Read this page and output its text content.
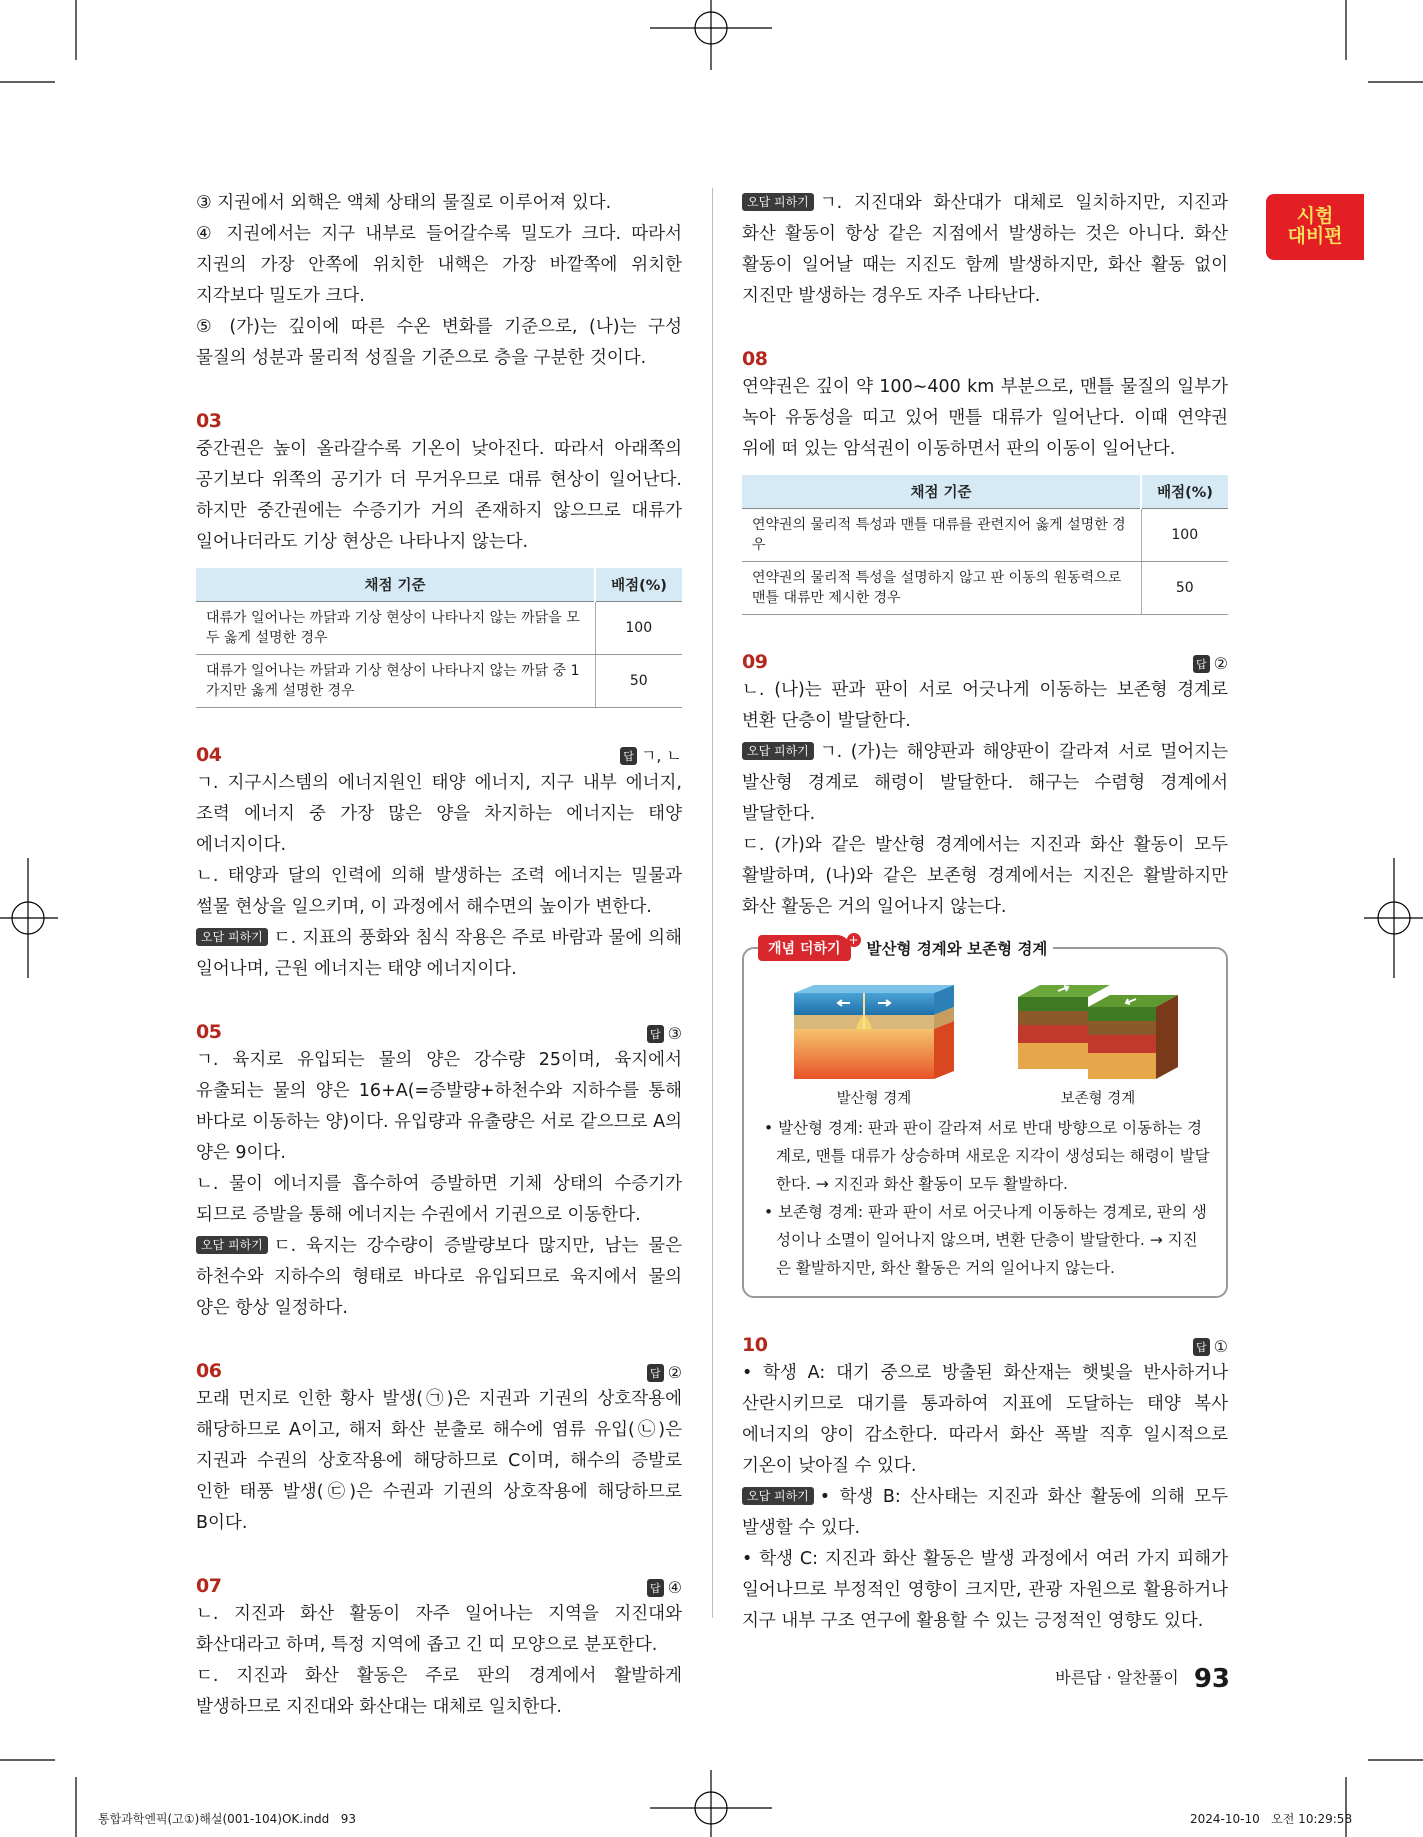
시험
대비편

③ 지권에서 외핵은 액체 상태의 물질로 이루어져 있다.

④ 지권에서는 지구 내부로 들어갈수록 밀도가 크다. 따라서 지권의 가장 안쪽에 위치한 내핵은 가장 바깥쪽에 위치한 지각보다 밀도가 크다.

⑤ (가)는 깊이에 따른 수온 변화를 기준으로, (나)는 구성 물질의 성분과 물리적 성질을 기준으로 층을 구분한 것이다.

03

중간권은 높이 올라갈수록 기온이 낮아진다. 따라서 아래쪽의 공기보다 위쪽의 공기가 더 무거우므로 대류 현상이 일어난다. 하지만 중간권에는 수증기가 거의 존재하지 않으므로 대류가 일어나더라도 기상 현상은 나타나지 않는다.

채점 기준	배점(%)
대류가 일어나는 까닭과 기상 현상이 나타나지 않는 까닭을 모두 옳게 설명한 경우	100
대류가 일어나는 까닭과 기상 현상이 나타나지 않는 까닭 중 1가지만 옳게 설명한 경우	50
04	답 ㄱ, ㄴ

ㄱ. 지구시스템의 에너지원인 태양 에너지, 지구 내부 에너지, 조력 에너지 중 가장 많은 양을 차지하는 에너지는 태양 에너지이다.

ㄴ. 태양과 달의 인력에 의해 발생하는 조력 에너지는 밀물과 썰물 현상을 일으키며, 이 과정에서 해수면의 높이가 변한다.

오답 피하기 ㄷ. 지표의 풍화와 침식 작용은 주로 바람과 물에 의해 일어나며, 근원 에너지는 태양 에너지이다.

05	답 ③

ㄱ. 육지로 유입되는 물의 양은 강수량 25이며, 육지에서 유출되는 물의 양은 16+A(=증발량+하천수와 지하수를 통해 바다로 이동하는 양)이다. 유입량과 유출량은 서로 같으므로 A의 양은 9이다.

ㄴ. 물이 에너지를 흡수하여 증발하면 기체 상태의 수증기가 되므로 증발을 통해 에너지는 수권에서 기권으로 이동한다.

오답 피하기 ㄷ. 육지는 강수량이 증발량보다 많지만, 남는 물은 하천수와 지하수의 형태로 바다로 유입되므로 육지에서 물의 양은 항상 일정하다.

06	답 ②

모래 먼지로 인한 황사 발생(㉠)은 지권과 기권의 상호작용에 해당하므로 A이고, 해저 화산 분출로 해수에 염류 유입(㉡)은 지권과 수권의 상호작용에 해당하므로 C이며, 해수의 증발로 인한 태풍 발생(㉢)은 수권과 기권의 상호작용에 해당하므로 B이다.

07	답 ④

ㄴ. 지진과 화산 활동이 자주 일어나는 지역을 지진대와 화산대라고 하며, 특정 지역에 좁고 긴 띠 모양으로 분포한다.

ㄷ. 지진과 화산 활동은 주로 판의 경계에서 활발하게 발생하므로 지진대와 화산대는 대체로 일치한다.

오답 피하기 ㄱ. 지진대와 화산대가 대체로 일치하지만, 지진과 화산 활동이 항상 같은 지점에서 발생하는 것은 아니다. 화산 활동이 일어날 때는 지진도 함께 발생하지만, 화산 활동 없이 지진만 발생하는 경우도 자주 나타난다.

08

연약권은 깊이 약 100∼400 km 부분으로, 맨틀 물질의 일부가 녹아 유동성을 띠고 있어 맨틀 대류가 일어난다. 이때 연약권 위에 떠 있는 암석권이 이동하면서 판의 이동이 일어난다.

채점 기준	배점(%)
연약권의 물리적 특성과 맨틀 대류를 관련지어 옳게 설명한 경우	100
연약권의 물리적 특성을 설명하지 않고 판 이동의 원동력으로 맨틀 대류만 제시한 경우	50
09	답 ②

ㄴ. (나)는 판과 판이 서로 어긋나게 이동하는 보존형 경계로 변환 단층이 발달한다.

오답 피하기 ㄱ. (가)는 해양판과 해양판이 갈라져 서로 멀어지는 발산형 경계로 해령이 발달한다. 해구는 수렴형 경계에서 발달한다.

ㄷ. (가)와 같은 발산형 경계에서는 지진과 화산 활동이 모두 활발하며, (나)와 같은 보존형 경계에서는 지진은 활발하지만 화산 활동은 거의 일어나지 않는다.

개념 더하기
+ 발산형 경계와 보존형 경계
발산형 경계	보존형 경계

• 발산형 경계: 판과 판이 갈라져 서로 반대 방향으로 이동하는 경계로, 맨틀 대류가 상승하며 새로운 지각이 생성되는 해령이 발달한다. → 지진과 화산 활동이 모두 활발하다.

• 보존형 경계: 판과 판이 서로 어긋나게 이동하는 경계로, 판의 생성이나 소멸이 일어나지 않으며, 변환 단층이 발달한다. → 지진은 활발하지만, 화산 활동은 거의 일어나지 않는다.

10	답 ①

• 학생 A: 대기 중으로 방출된 화산재는 햇빛을 반사하거나 산란시키므로 대기를 통과하여 지표에 도달하는 태양 복사 에너지의 양이 감소한다. 따라서 화산 폭발 직후 일시적으로 기온이 낮아질 수 있다.

오답 피하기 • 학생 B: 산사태는 지진과 화산 활동에 의해 모두 발생할 수 있다.

• 학생 C: 지진과 화산 활동은 발생 과정에서 여러 가지 피해가 일어나므로 부정적인 영향이 크지만, 관광 자원으로 활용하거나 지구 내부 구조 연구에 활용할 수 있는 긍정적인 영향도 있다.

바른답 · 알찬풀이 93
통합과학엔픽(고①)해설(001-104)OK.indd   93	2024-10-10   오전 10:29:58
